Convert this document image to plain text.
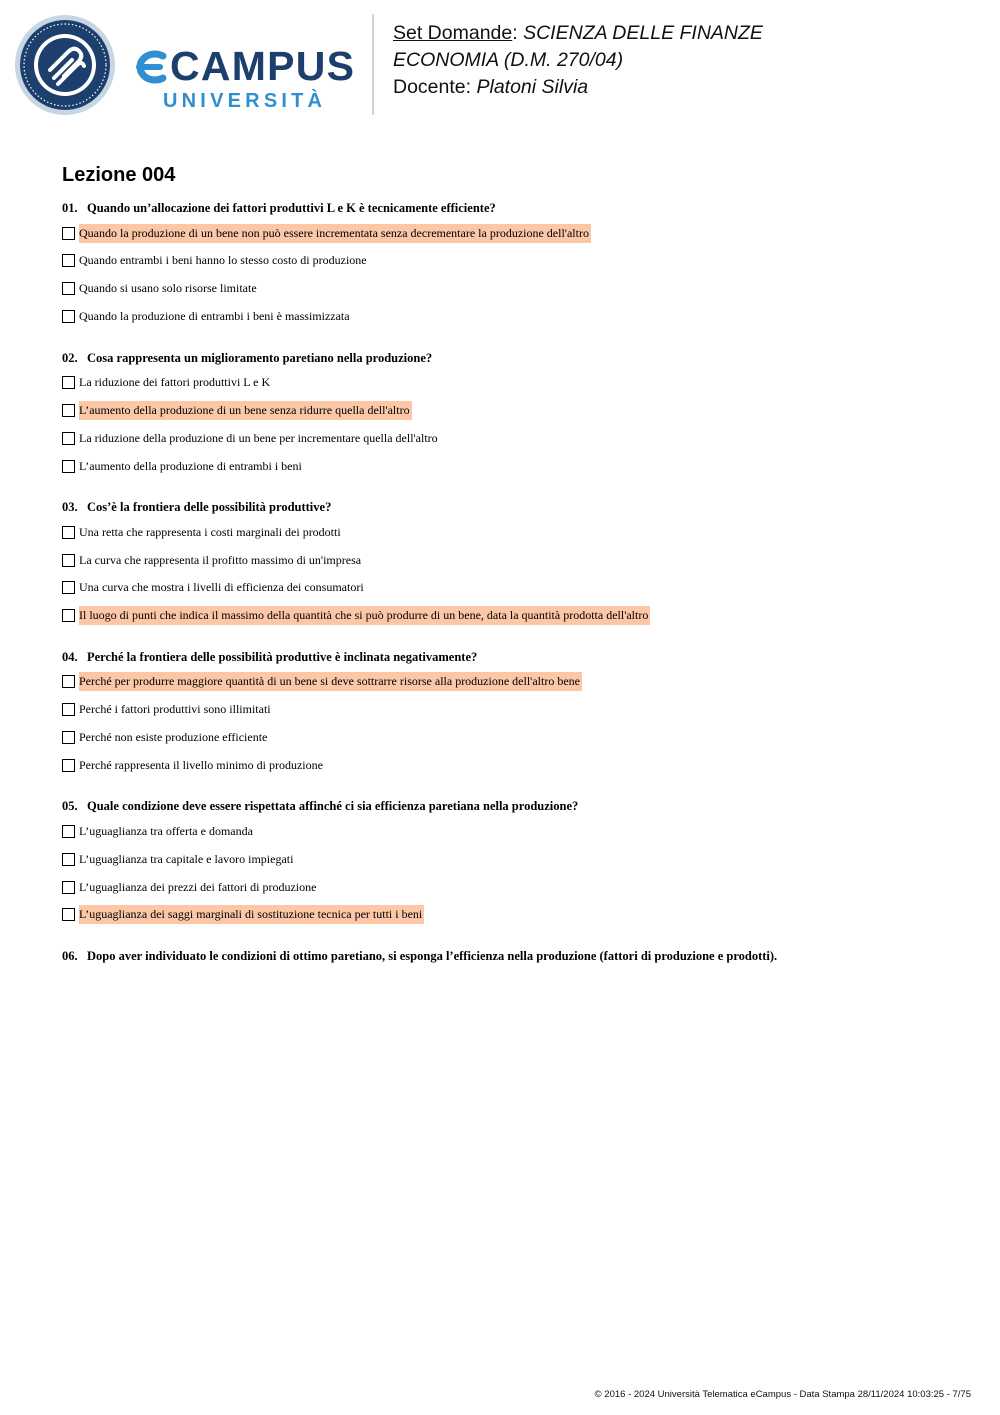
CAMPUS
UNIVERSITÀ
Set Domande: SCIENZA DELLE FINANZE
ECONOMIA (D.M. 270/04)
Docente: Platoni Silvia
Lezione 004
01. Quando un’allocazione dei fattori produttivi L e K è tecnicamente efficiente?
Quando la produzione di un bene non può essere incrementata senza decrementare la produzione dell'altro
Quando entrambi i beni hanno lo stesso costo di produzione
Quando si usano solo risorse limitate
Quando la produzione di entrambi i beni è massimizzata
02. Cosa rappresenta un miglioramento paretiano nella produzione?
La riduzione dei fattori produttivi L e K
L’aumento della produzione di un bene senza ridurre quella dell'altro
La riduzione della produzione di un bene per incrementare quella dell'altro
L’aumento della produzione di entrambi i beni
03. Cos’è la frontiera delle possibilità produttive?
Una retta che rappresenta i costi marginali dei prodotti
La curva che rappresenta il profitto massimo di un'impresa
Una curva che mostra i livelli di efficienza dei consumatori
Il luogo di punti che indica il massimo della quantità che si può produrre di un bene, data la quantità prodotta dell'altro
04. Perché la frontiera delle possibilità produttive è inclinata negativamente?
Perché per produrre maggiore quantità di un bene si deve sottrarre risorse alla produzione dell'altro bene
Perché i fattori produttivi sono illimitati
Perché non esiste produzione efficiente
Perché rappresenta il livello minimo di produzione
05. Quale condizione deve essere rispettata affinché ci sia efficienza paretiana nella produzione?
L’uguaglianza tra offerta e domanda
L’uguaglianza tra capitale e lavoro impiegati
L’uguaglianza dei prezzi dei fattori di produzione
L’uguaglianza dei saggi marginali di sostituzione tecnica per tutti i beni
06. Dopo aver individuato le condizioni di ottimo paretiano, si esponga l’efficienza nella produzione (fattori di produzione e prodotti).
© 2016 - 2024 Università Telematica eCampus - Data Stampa 28/11/2024 10:03:25 - 7/75
